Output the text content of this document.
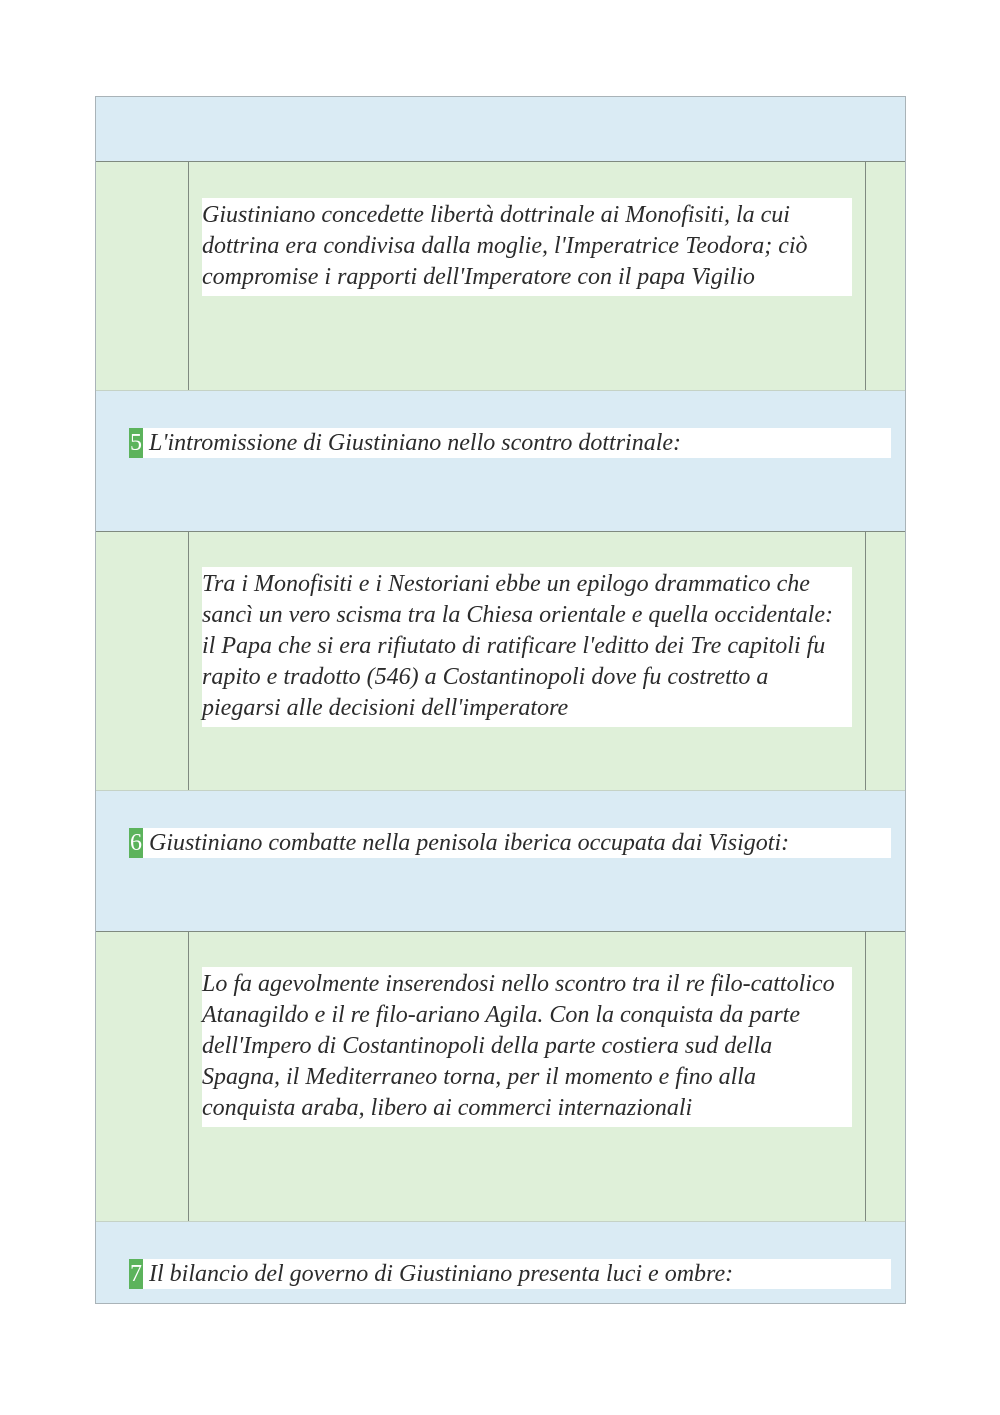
Giustiniano concedette libertà dottrinale ai Monofisiti, la cui dottrina era condivisa dalla moglie, l'Imperatrice Teodora; ciò compromise i rapporti dell'Imperatore con il papa Vigilio
5 L'intromissione di Giustiniano nello scontro dottrinale:
Tra i Monofisiti e i Nestoriani ebbe un epilogo drammatico che sancì un vero scisma tra la Chiesa orientale e quella occidentale: il Papa che si era rifiutato di ratificare l'editto dei Tre capitoli fu rapito e tradotto (546) a Costantinopoli dove fu costretto a piegarsi alle decisioni dell'imperatore
6 Giustiniano combatte nella penisola iberica occupata dai Visigoti:
Lo fa agevolmente inserendosi nello scontro tra il re filo-cattolico Atanagildo e il re filo-ariano Agila. Con la conquista da parte dell'Impero di Costantinopoli della parte costiera sud della Spagna, il Mediterraneo torna, per il momento e fino alla conquista araba, libero ai commerci internazionali
7 Il bilancio del governo di Giustiniano presenta luci e ombre:
